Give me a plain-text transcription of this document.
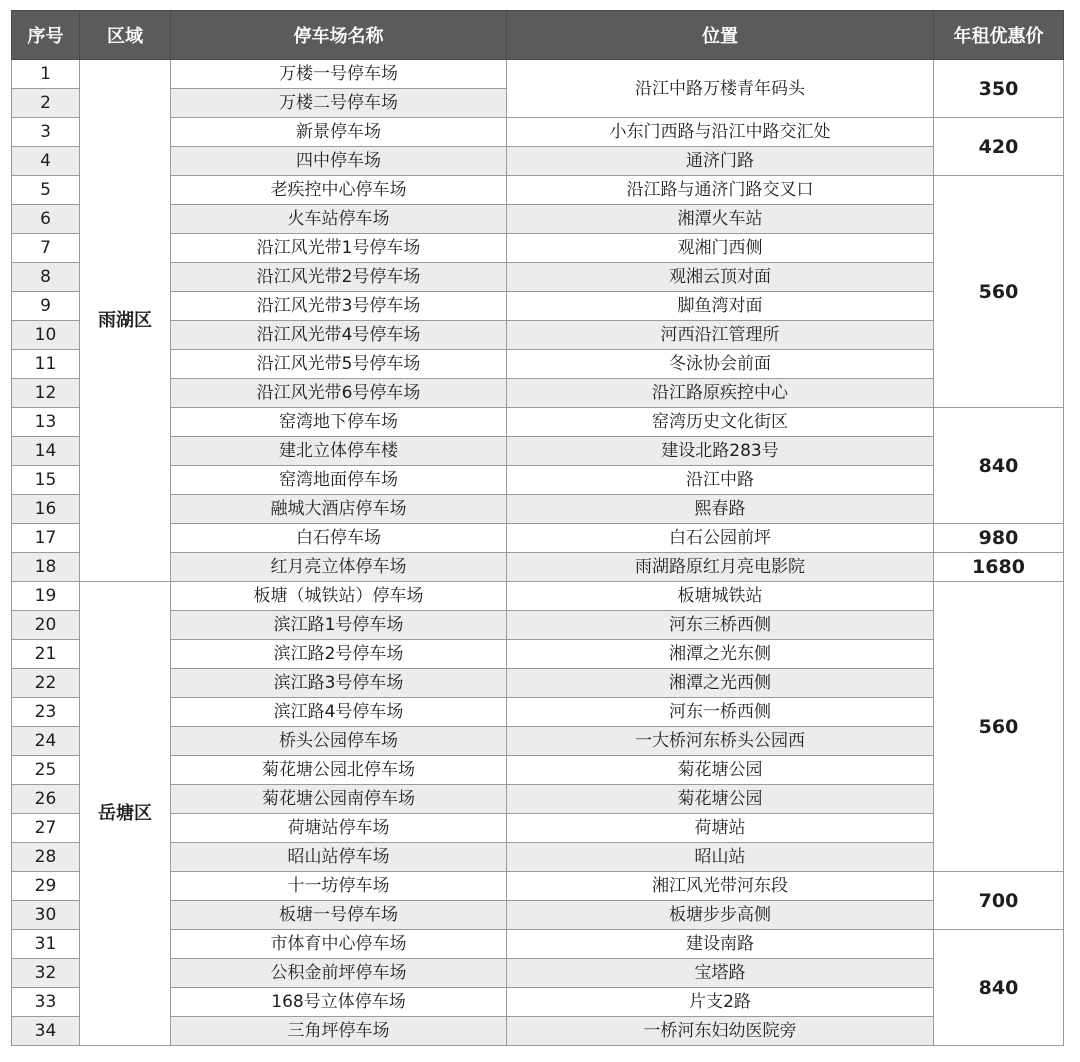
序号	区域	停车场名称	位置	年租优惠价
1	雨湖区	万楼一号停车场	沿江中路万楼青年码头	350
2		万楼二号停车场		
3		新景停车场	小东门西路与沿江中路交汇处	420
4		四中停车场	通济门路	
5		老疾控中心停车场	沿江路与通济门路交叉口	560
6		火车站停车场	湘潭火车站	
7		沿江风光带1号停车场	观湘门西侧	
8		沿江风光带2号停车场	观湘云顶对面	
9		沿江风光带3号停车场	脚鱼湾对面	
10		沿江风光带4号停车场	河西沿江管理所	
11		沿江风光带5号停车场	冬泳协会前面	
12		沿江风光带6号停车场	沿江路原疾控中心	
13		窑湾地下停车场	窑湾历史文化街区	840
14		建北立体停车楼	建设北路283号	
15		窑湾地面停车场	沿江中路	
16		融城大酒店停车场	熙春路	
17		白石停车场	白石公园前坪	980
18		红月亮立体停车场	雨湖路原红月亮电影院	1680
19	岳塘区	板塘（城铁站）停车场	板塘城铁站	560
20		滨江路1号停车场	河东三桥西侧	
21		滨江路2号停车场	湘潭之光东侧	
22		滨江路3号停车场	湘潭之光西侧	
23		滨江路4号停车场	河东一桥西侧	
24		桥头公园停车场	一大桥河东桥头公园西	
25		菊花塘公园北停车场	菊花塘公园	
26		菊花塘公园南停车场	菊花塘公园	
27		荷塘站停车场	荷塘站	
28		昭山站停车场	昭山站	
29		十一坊停车场	湘江风光带河东段	700
30		板塘一号停车场	板塘步步高侧	
31		市体育中心停车场	建设南路	840
32		公积金前坪停车场	宝塔路	
33		168号立体停车场	片支2路	
34		三角坪停车场	一桥河东妇幼医院旁	
